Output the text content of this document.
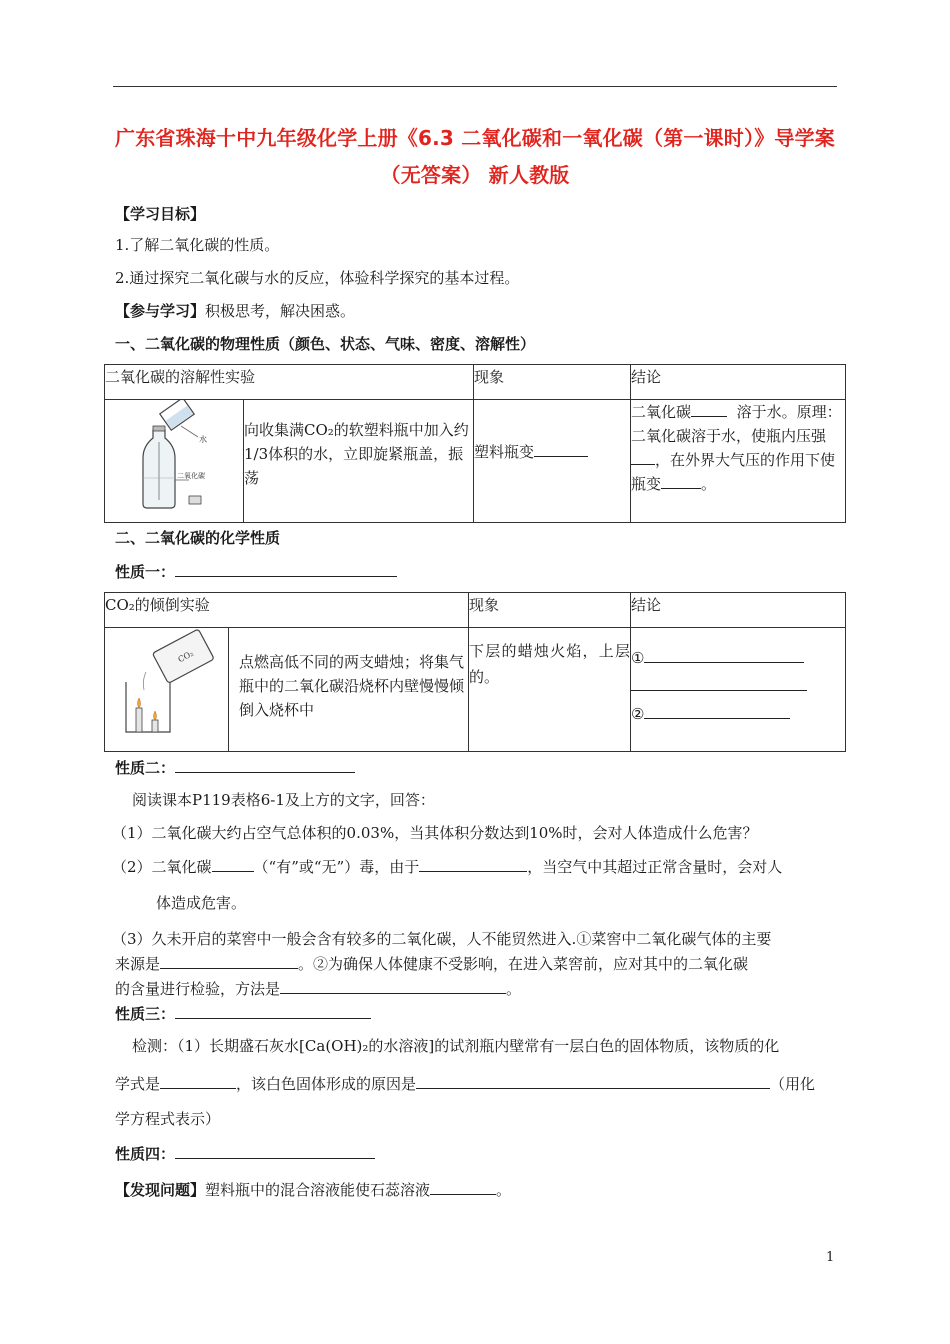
广东省珠海十中九年级化学上册《6.3 二氧化碳和一氧化碳（第一课时）》导学案（无答案） 新人教版
【学习目标】
1.了解二氧化碳的性质。
2.通过探究二氧化碳与水的反应，体验科学探究的基本过程。
【参与学习】积极思考，解决困惑。
一、二氧化碳的物理性质（颜色、状态、气味、密度、溶解性）
二氧化碳的溶解性实验		现象	结论

水
二氧化碳	向收集满CO₂的软塑料瓶中加入约1/3体积的水，立即旋紧瓶盖，振荡	塑料瓶变	二氧化碳 溶于水。原理：二氧化碳溶于水，使瓶内压强，在外界大气压的作用下使瓶变 。
二、二氧化碳的化学性质
性质一：
CO₂的倾倒实验		现象	结论

CO₂	点燃高低不同的两支蜡烛；将集气瓶中的二氧化碳沿烧杯内壁慢慢倾倒入烧杯中	下层的蜡烛火焰，上层的。	①
②
性质二：
阅读课本P119表格6-1及上方的文字，回答：
（1）二氧化碳大约占空气总体积的0.03%，当其体积分数达到10%时，会对人体造成什么危害？
（2）二氧化碳	（“有”或“无”）毒，由于	，当空气中其超过正常含量时，会对人
体造成危害。
（3）久未开启的菜窖中一般会含有较多的二氧化碳，人不能贸然进入.①菜窖中二氧化碳气体的主要
来源是	。②为确保人体健康不受影响，在进入菜窖前，应对其中的二氧化碳
的含量进行检验，方法是	。
性质三：
检测：（1）长期盛石灰水[Ca(OH)₂的水溶液]的试剂瓶内壁常有一层白色的固体物质，该物质的化
学式是	，该白色固体形成的原因是	（用化
学方程式表示）
性质四：
【发现问题】塑料瓶中的混合溶液能使石蕊溶液	。
1
